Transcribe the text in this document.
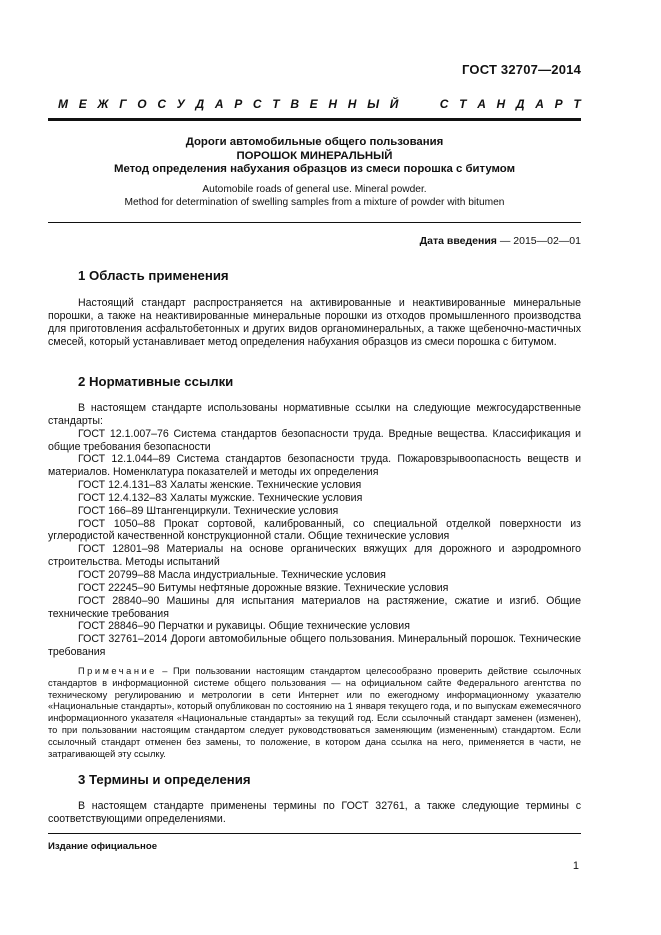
ГОСТ 32707—2014
М Е Ж Г О С У Д А Р С Т В Е Н Н Ы Й	С Т А Н Д А Р Т
Дороги автомобильные общего пользования
ПОРОШОК МИНЕРАЛЬНЫЙ
Метод определения набухания образцов из смеси порошка с битумом
Automobile roads of general use. Mineral powder.
Method for determination of swelling samples from a mixture of powder with bitumen
Дата введения — 2015—02—01
1 Область применения

Настоящий стандарт распространяется на активированные и неактивированные минеральные порошки, а также на неактивированные минеральные порошки из отходов промышленного производства для приготовления асфальтобетонных и других видов органоминеральных, а также щебеночно-мастичных смесей, который устанавливает метод определения набухания образцов из смеси порошка с битумом.

2 Нормативные ссылки

В настоящем стандарте использованы нормативные ссылки на следующие межгосударственные стандарты:

ГОСТ 12.1.007–76 Система стандартов безопасности труда. Вредные вещества. Классификация и общие требования безопасности

ГОСТ 12.1.044–89 Система стандартов безопасности труда. Пожаровзрывоопасность веществ и материалов. Номенклатура показателей и методы их определения

ГОСТ 12.4.131–83 Халаты женские. Технические условия

ГОСТ 12.4.132–83 Халаты мужские. Технические условия

ГОСТ 166–89 Штангенциркули. Технические условия

ГОСТ 1050–88 Прокат сортовой, калиброванный, со специальной отделкой поверхности из углеродистой качественной конструкционной стали. Общие технические условия

ГОСТ 12801–98 Материалы на основе органических вяжущих для дорожного и аэродромного строительства. Методы испытаний

ГОСТ 20799–88 Масла индустриальные. Технические условия

ГОСТ 22245–90 Битумы нефтяные дорожные вязкие. Технические условия

ГОСТ 28840–90 Машины для испытания материалов на растяжение, сжатие и изгиб. Общие технические требования

ГОСТ 28846–90 Перчатки и рукавицы. Общие технические условия

ГОСТ 32761–2014 Дороги автомобильные общего пользования. Минеральный порошок. Технические требования

Примечание – При пользовании настоящим стандартом целесообразно проверить действие ссылочных стандартов в информационной системе общего пользования — на официальном сайте Федерального агентства по техническому регулированию и метрологии в сети Интернет или по ежегодному информационному указателю «Национальные стандарты», который опубликован по состоянию на 1 января текущего года, и по выпускам ежемесячного информационного указателя «Национальные стандарты» за текущий год. Если ссылочный стандарт заменен (изменен), то при пользовании настоящим стандартом следует руководствоваться заменяющим (измененным) стандартом. Если ссылочный стандарт отменен без замены, то положение, в котором дана ссылка на него, применяется в части, не затрагивающей эту ссылку.

3 Термины и определения

В настоящем стандарте применены термины по ГОСТ 32761, а также следующие термины с соответствующими определениями.

Издание официальное
1
